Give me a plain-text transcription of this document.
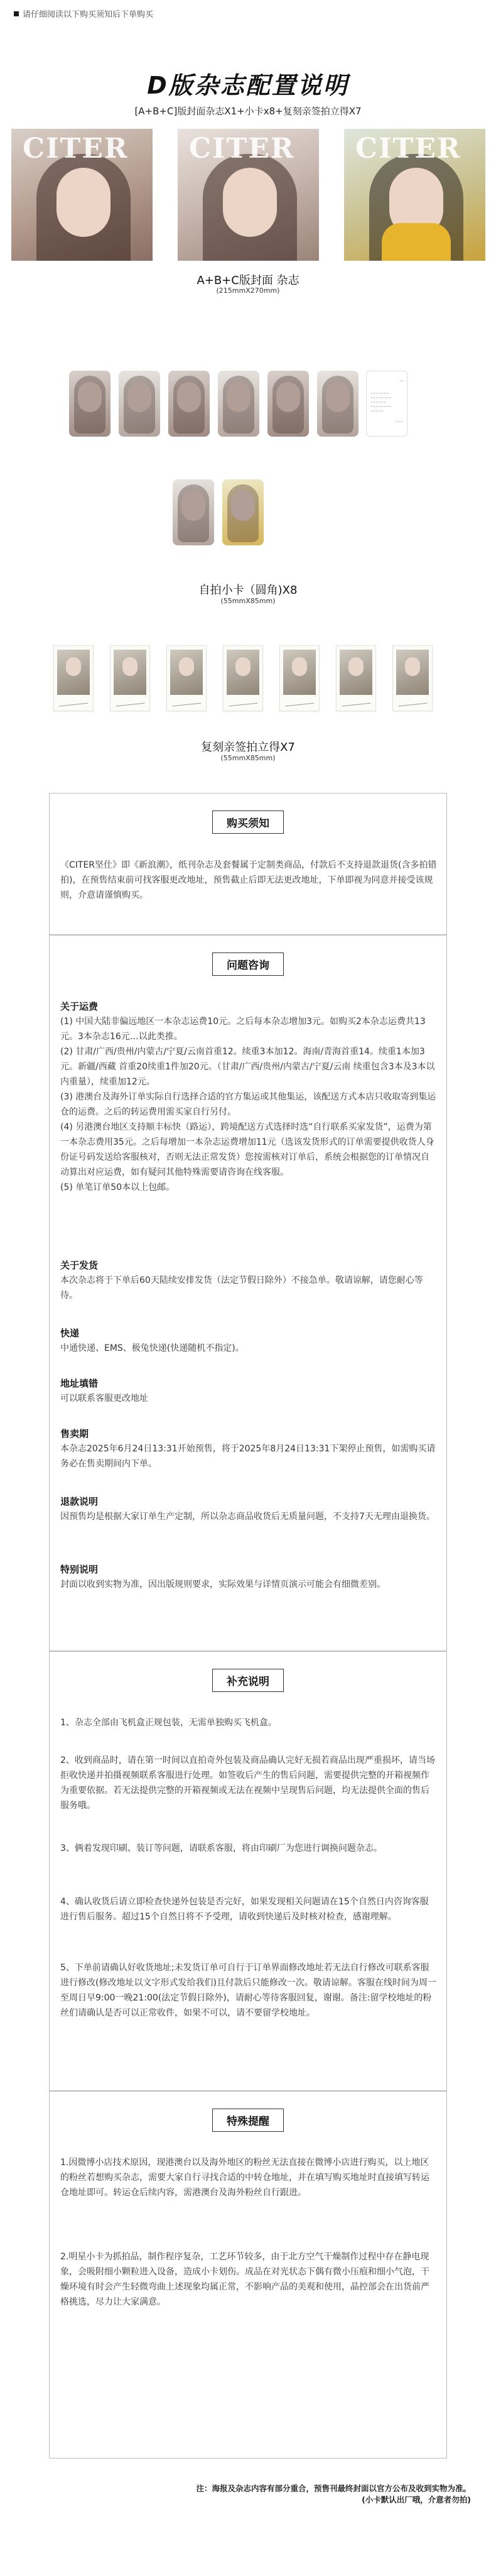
请仔细阅读以下购买须知后下单购买
D版杂志配置说明
[A+B+C]版封面杂志X1+小卡x8+复刻亲签拍立得X7
CITER CITER CITER
A+B+C版封面 杂志
(215mmX270mm)
—
~~~~~~~
~~~~~~~~
~~~~~~
~~~~~~~~
~~~~~
~~~
自拍小卡（圆角)X8
(55mmX85mm)
复刻亲签拍立得X7
(55mmX85mm)
购买须知
《CITER坚仕》即《新浪潮》，纸刊杂志及套餐属于定制类商品，付款后不支持退款退货(含多拍错拍)，在预售结束前可找客服更改地址，预售截止后即无法更改地址，下单即视为同意并接受该规则，介意请谨慎购买。
问题咨询
关于运费
(1) 中国大陆非偏远地区一本杂志运费10元。之后每本杂志增加3元。如购买2本杂志运费共13元。3本杂志16元…以此类推。
(2) 甘肃/广西/贵州/内蒙古/宁夏/云南首重12。续重3本加12。海南/青海首重14。续重1本加3元。新疆/西藏 首重20续重1件加20元。（甘肃/广西/贵州/内蒙古/宁夏/云南 续重包含3本及3本以内重量），续重加12元。
(3) 港澳台及海外订单实际自行选择合适的官方集运或其他集运，该配送方式本店只收取寄到集运仓的运费。之后的转运费用需买家自行另付。
(4) 另港澳台地区支持顺丰标快（路运），跨境配送方式选择时选“自行联系买家发货”，运费为第一本杂志费用35元。之后每增加一本杂志运费增加11元（选该发货形式的订单需要提供收货人身份证号码发送给客服核对，否则无法正常发货）您按需核对订单后，系统会根据您的订单情况自动算出对应运费，如有疑问其他特殊需要请咨询在线客服。
(5) 单笔订单50本以上包邮。
关于发货
本次杂志将于下单后60天陆续安排发货（法定节假日除外）不接急单。敬请谅解，请您耐心等待。
快递
中通快递、EMS、极兔快递(快递随机不指定)。
地址填错
可以联系客服更改地址
售卖期
本杂志2025年6月24日13:31开始预售，将于2025年8月24日13:31下架停止预售，如需购买请务必在售卖期间内下单。
退款说明
因预售均是根据大家订单生产定制，所以杂志商品收货后无质量问题，不支持7天无理由退换货。
特别说明
封面以收到实物为准，因出版规则要求，实际效果与详情页演示可能会有细微差别。
补充说明
1、杂志全部由飞机盒正规包装，无需单独购买飞机盒。
2、收到商品时，请在第一时间以直拍奇外包装及商品确认完好无损若商品出现严重损坏，请当场拒收快递并拍摄视频联系客服进行处理。如签收后产生的售后问题，需要提供完整的开箱视频作为重要依据。若无法提供完整的开箱视频或无法在视频中呈现售后问题，均无法提供全面的售后服务哦。
3、俩着发现印刷、装订等问题，请联系客服，将由印刷厂为您进行调换问题杂志。
4、确认收货后请立即检查快递外包装是否完好，如果发现相关问题请在15个自然日内咨询客服进行售后服务。超过15个自然日将不予受理，请收到快递后及时核对检查，感谢理解。
5、下单前请确认好收货地址;未发货订单可自行于订单界面修改地址若无法自行修改可联系客服进行修改(修改地址以文字形式发给我们)且付款后只能修改一次。敬请谅解。客服在线时间为周一至周日早9:00一晚21:00(法定节假日除外)，请耐心等待客服回复，谢谢。备注:留学校地址的粉丝们请确认是否可以正常收件，如果不可以，请不要留学校地址。
特殊提醒
1.因微博小店技术原因，现港澳台以及海外地区的粉丝无法直接在微博小店进行购买，以上地区的粉丝若想购买杂志，需要大家自行寻找合适的中转仓地址，并在填写购买地址时直接填写转运仓地址即可。转运仓后续内容，需港澳台及海外粉丝自行跟进。
2.明星小卡为抓拍品，制作程序复杂，工艺环节较多，由于北方空气干燥制作过程中存在静电现象，会吸附细小颗粒进入设备，造成小卡划伤。成品在对光状态下偶有微小压痕和细小气泡，干燥环境有时会产生轻微弯曲上述现象均属正常，不影响产品的美观和使用，晶控部会在出货前严格挑选，尽力让大家满意。
注：海报及杂志内容有部分重合，预售刊最终封面以官方公布及收到实物为准。
(小卡默认出厂哦，介意者勿拍)
